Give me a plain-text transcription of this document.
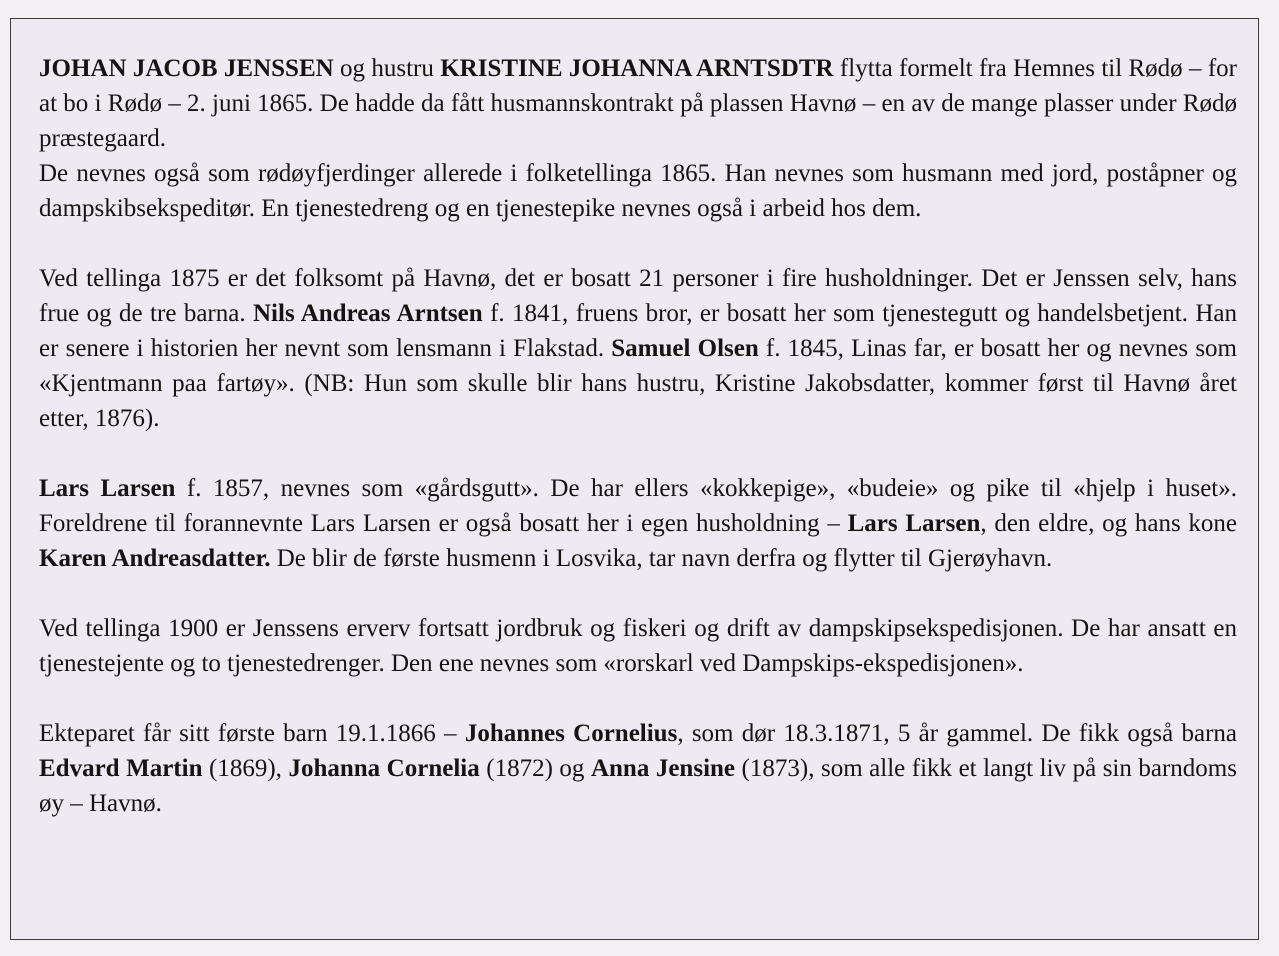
JOHAN JACOB JENSSEN og hustru KRISTINE JOHANNA ARNTSDTR flytta formelt fra Hemnes til Rødø – for at bo i Rødø – 2. juni 1865. De hadde da fått husmannskontrakt på plassen Havnø – en av de mange plasser under Rødø præstegaard.

De nevnes også som rødøyfjerdinger allerede i folketellinga 1865. Han nevnes som husmann med jord, poståpner og dampskibsekspeditør. En tjenestedreng og en tjenestepike nevnes også i arbeid hos dem.

Ved tellinga 1875 er det folksomt på Havnø, det er bosatt 21 personer i fire husholdninger. Det er Jenssen selv, hans frue og de tre barna. Nils Andreas Arntsen f. 1841, fruens bror, er bosatt her som tjenestegutt og handelsbetjent. Han er senere i historien her nevnt som lensmann i Flakstad. Samuel Olsen f. 1845, Linas far, er bosatt her og nevnes som «Kjentmann paa fartøy». (NB: Hun som skulle blir hans hustru, Kristine Jakobsdatter, kommer først til Havnø året etter, 1876).

Lars Larsen f. 1857, nevnes som «gårdsgutt». De har ellers «kokkepige», «budeie» og pike til «hjelp i huset». Foreldrene til forannevnte Lars Larsen er også bosatt her i egen husholdning – Lars Larsen, den eldre, og hans kone Karen Andreasdatter. De blir de første husmenn i Losvika, tar navn derfra og flytter til Gjerøyhavn.

Ved tellinga 1900 er Jenssens erverv fortsatt jordbruk og fiskeri og drift av dampskipsekspedisjonen. De har ansatt en tjenestejente og to tjenestedrenger. Den ene nevnes som «rorskarl ved Dampskips-ekspedisjonen».

Ekteparet får sitt første barn 19.1.1866 – Johannes Cornelius, som dør 18.3.1871, 5 år gammel. De fikk også barna Edvard Martin (1869), Johanna Cornelia (1872) og Anna Jensine (1873), som alle fikk et langt liv på sin barndoms øy – Havnø.
